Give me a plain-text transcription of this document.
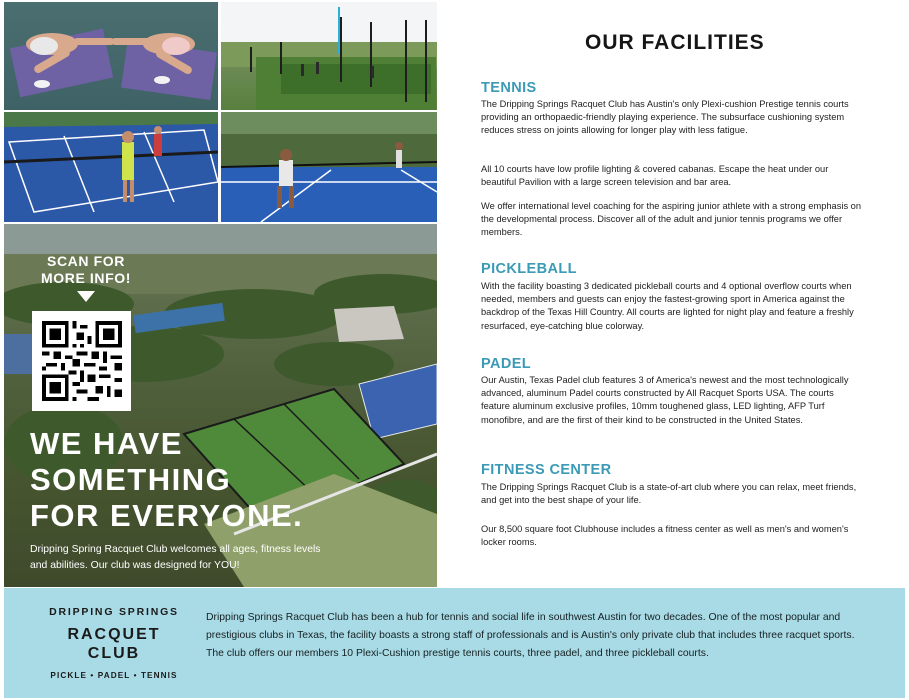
SCAN FOR
MORE INFO!
WE HAVE
SOMETHING
FOR EVERYONE.
Dripping Spring Racquet Club welcomes all ages, fitness levels and abilities. Our club was designed for YOU!
OUR FACILITIES
TENNIS
The Dripping Springs Racquet Club has Austin's only Plexi-cushion Prestige tennis courts providing an orthopaedic-friendly playing experience. The subsurface cushioning system reduces stress on joints allowing for longer play with less fatigue.
All 10 courts have low profile lighting & covered cabanas. Escape the heat under our beautiful Pavilion with a large screen television and bar area.
We offer international level coaching for the aspiring junior athlete with a strong emphasis on the developmental process. Discover all of the adult and junior tennis programs we offer members.
PICKLEBALL
With the facility boasting 3 dedicated pickleball courts and 4 optional overflow courts when needed, members and guests can enjoy the fastest-growing sport in America against the backdrop of the Texas Hill Country. All courts are lighted for night play and feature a freshly resurfaced, eye-catching blue colorway.
PADEL
Our Austin, Texas Padel club features 3 of America's newest and the most technologically advanced, aluminum Padel courts constructed by All Racquet Sports USA. The courts feature aluminum exclusive profiles, 10mm toughened glass, LED lighting, AFP Turf monofibre, and are the first of their kind to be constructed in the United States.
FITNESS CENTER
The Dripping Springs Racquet Club is a state-of-art club where you can relax, meet friends, and get into the best shape of your life.
Our 8,500 square foot Clubhouse includes a fitness center as well as men's and women's locker rooms.
DRIPPING SPRINGS
RACQUET
CLUB
PICKLE • PADEL • TENNIS
Dripping Springs Racquet Club has been a hub for tennis and social life in southwest Austin for two decades. One of the most popular and prestigious clubs in Texas, the facility boasts a strong staff of professionals and is Austin's only private club that includes three racquet sports. The club offers our members 10 Plexi-Cushion prestige tennis courts, three padel, and three pickleball courts.
